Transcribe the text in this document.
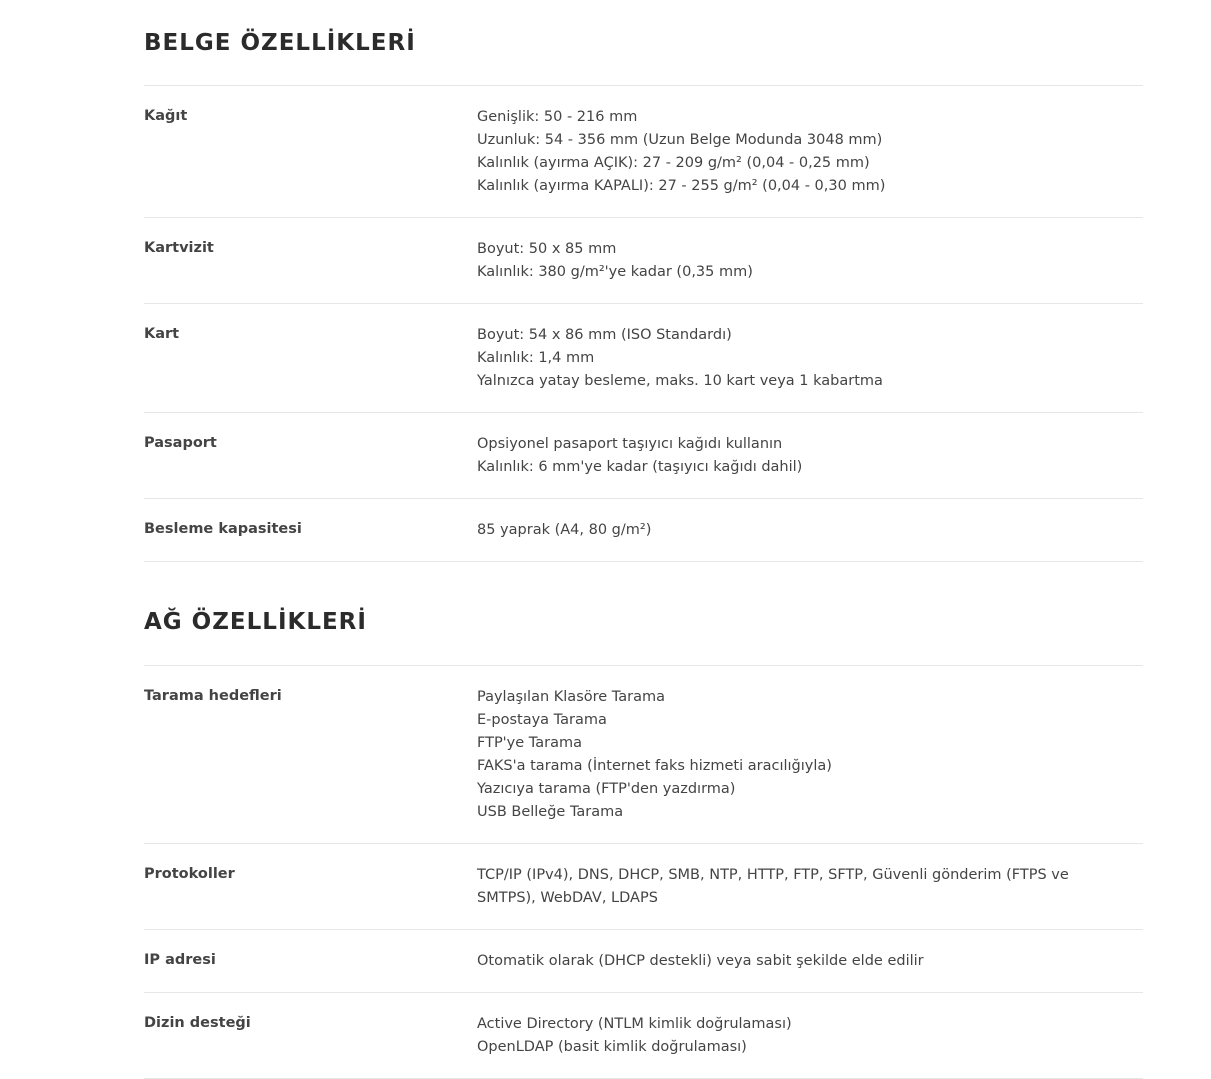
BELGE ÖZELLİKLERİ
Kağıt	Genişlik: 50 - 216 mm
Uzunluk: 54 - 356 mm (Uzun Belge Modunda 3048 mm)
Kalınlık (ayırma AÇIK): 27 - 209 g/m² (0,04 - 0,25 mm)
Kalınlık (ayırma KAPALI): 27 - 255 g/m² (0,04 - 0,30 mm)
Kartvizit	Boyut: 50 x 85 mm
Kalınlık: 380 g/m²'ye kadar (0,35 mm)
Kart	Boyut: 54 x 86 mm (ISO Standardı)
Kalınlık: 1,4 mm
Yalnızca yatay besleme, maks. 10 kart veya 1 kabartma
Pasaport	Opsiyonel pasaport taşıyıcı kağıdı kullanın
Kalınlık: 6 mm'ye kadar (taşıyıcı kağıdı dahil)
Besleme kapasitesi	85 yaprak (A4, 80 g/m²)
AĞ ÖZELLİKLERİ
Tarama hedefleri	Paylaşılan Klasöre Tarama
E-postaya Tarama
FTP'ye Tarama
FAKS'a tarama (İnternet faks hizmeti aracılığıyla)
Yazıcıya tarama (FTP'den yazdırma)
USB Belleğe Tarama
Protokoller	TCP/IP (IPv4), DNS, DHCP, SMB, NTP, HTTP, FTP, SFTP, Güvenli gönderim (FTPS ve SMTPS), WebDAV, LDAPS
IP adresi	Otomatik olarak (DHCP destekli) veya sabit şekilde elde edilir
Dizin desteği	Active Directory (NTLM kimlik doğrulaması)
OpenLDAP (basit kimlik doğrulaması)
